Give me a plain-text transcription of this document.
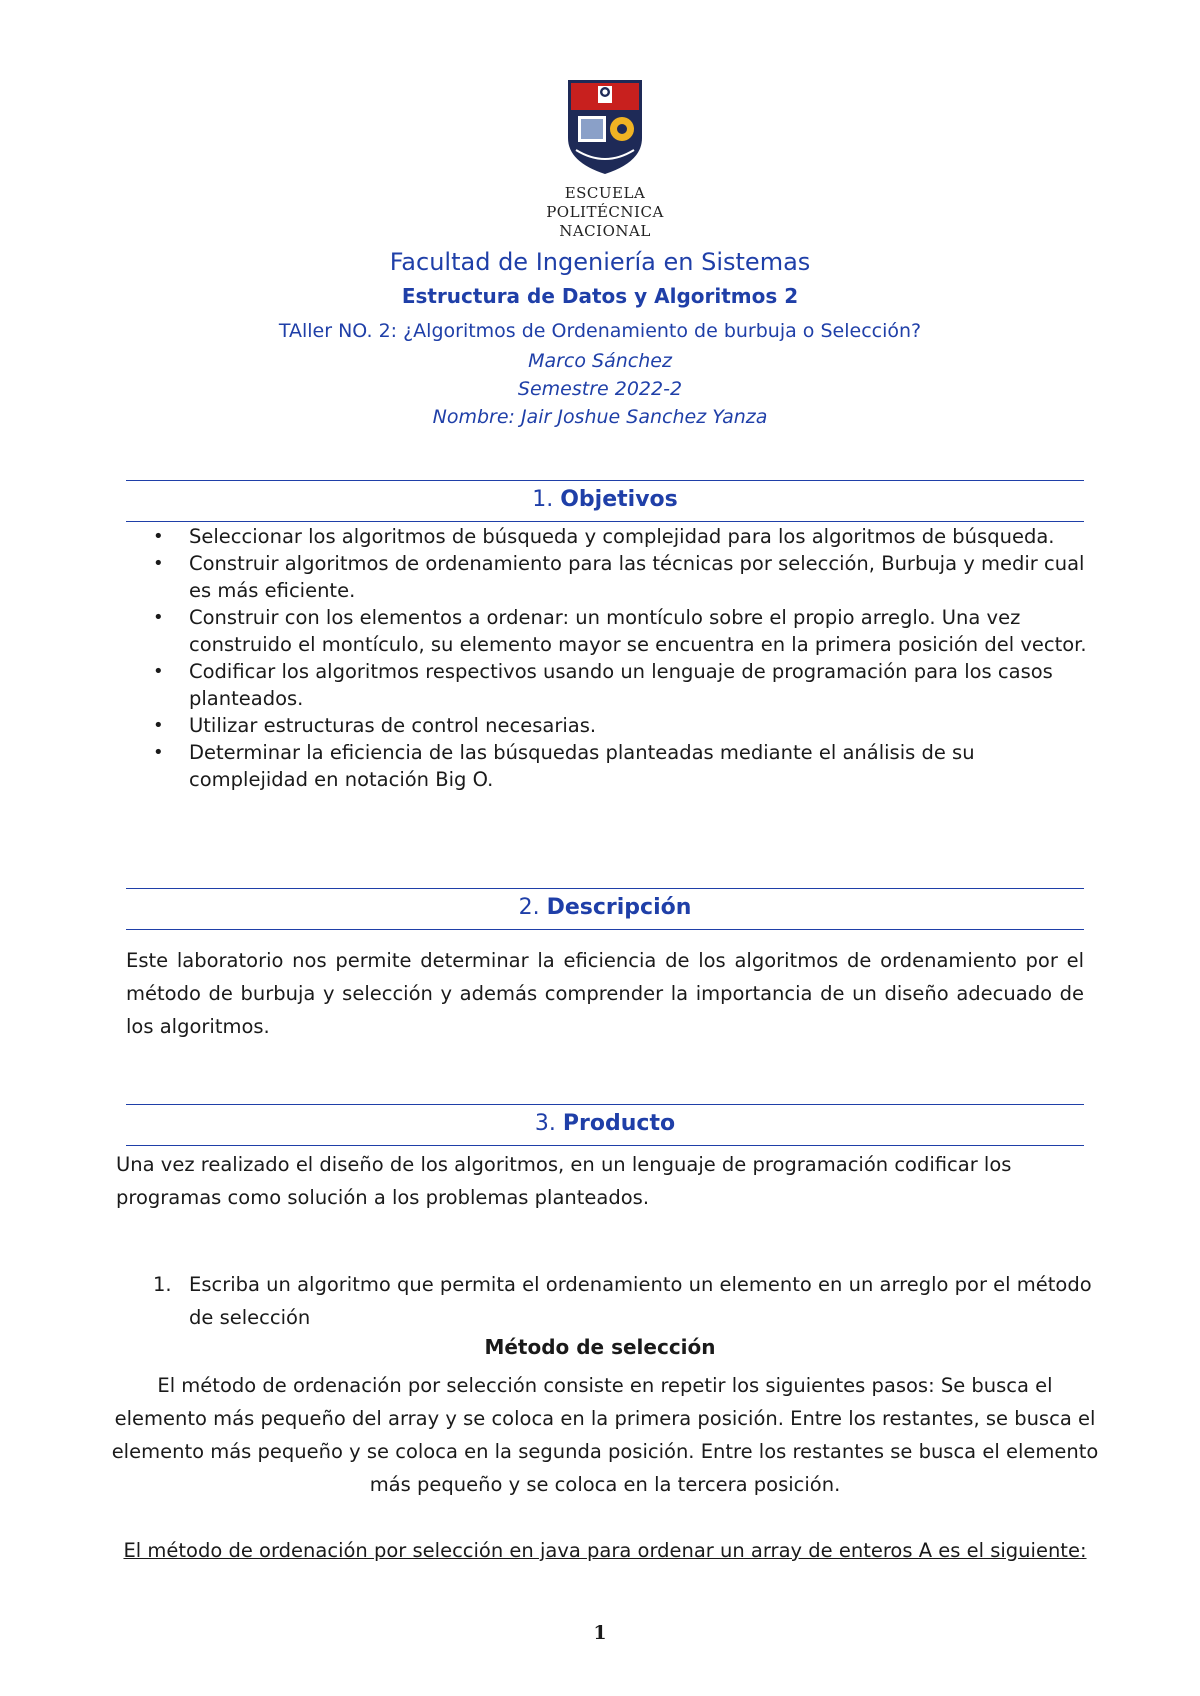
ESCUELA
POLITÉCNICA
NACIONAL
Facultad de Ingeniería en Sistemas
Estructura de Datos y Algoritmos 2
TAller NO. 2: ¿Algoritmos de Ordenamiento de burbuja o Selección?
Marco Sánchez
Semestre 2022-2
Nombre: Jair Joshue Sanchez Yanza
1. Objetivos
• Seleccionar los algoritmos de búsqueda y complejidad para los algoritmos de búsqueda.
• Construir algoritmos de ordenamiento para las técnicas por selección, Burbuja y medir cual es más eficiente.
• Construir con los elementos a ordenar: un montículo sobre el propio arreglo. Una vez construido el montículo, su elemento mayor se encuentra en la primera posición del vector.
• Codificar los algoritmos respectivos usando un lenguaje de programación para los casos planteados.
• Utilizar estructuras de control necesarias.
• Determinar la eficiencia de las búsquedas planteadas mediante el análisis de su complejidad en notación Big O.
2. Descripción
Este laboratorio nos permite determinar la eficiencia de los algoritmos de ordenamiento por el método de burbuja y selección y además comprender la importancia de un diseño adecuado de los algoritmos.
3. Producto
Una vez realizado el diseño de los algoritmos, en un lenguaje de programación codificar los programas como solución a los problemas planteados.
1. Escriba un algoritmo que permita el ordenamiento un elemento en un arreglo por el método de selección
Método de selección
El método de ordenación por selección consiste en repetir los siguientes pasos: Se busca el elemento más pequeño del array y se coloca en la primera posición. Entre los restantes, se busca el elemento más pequeño y se coloca en la segunda posición. Entre los restantes se busca el elemento más pequeño y se coloca en la tercera posición.
El método de ordenación por selección en java para ordenar un array de enteros A es el siguiente:
1
